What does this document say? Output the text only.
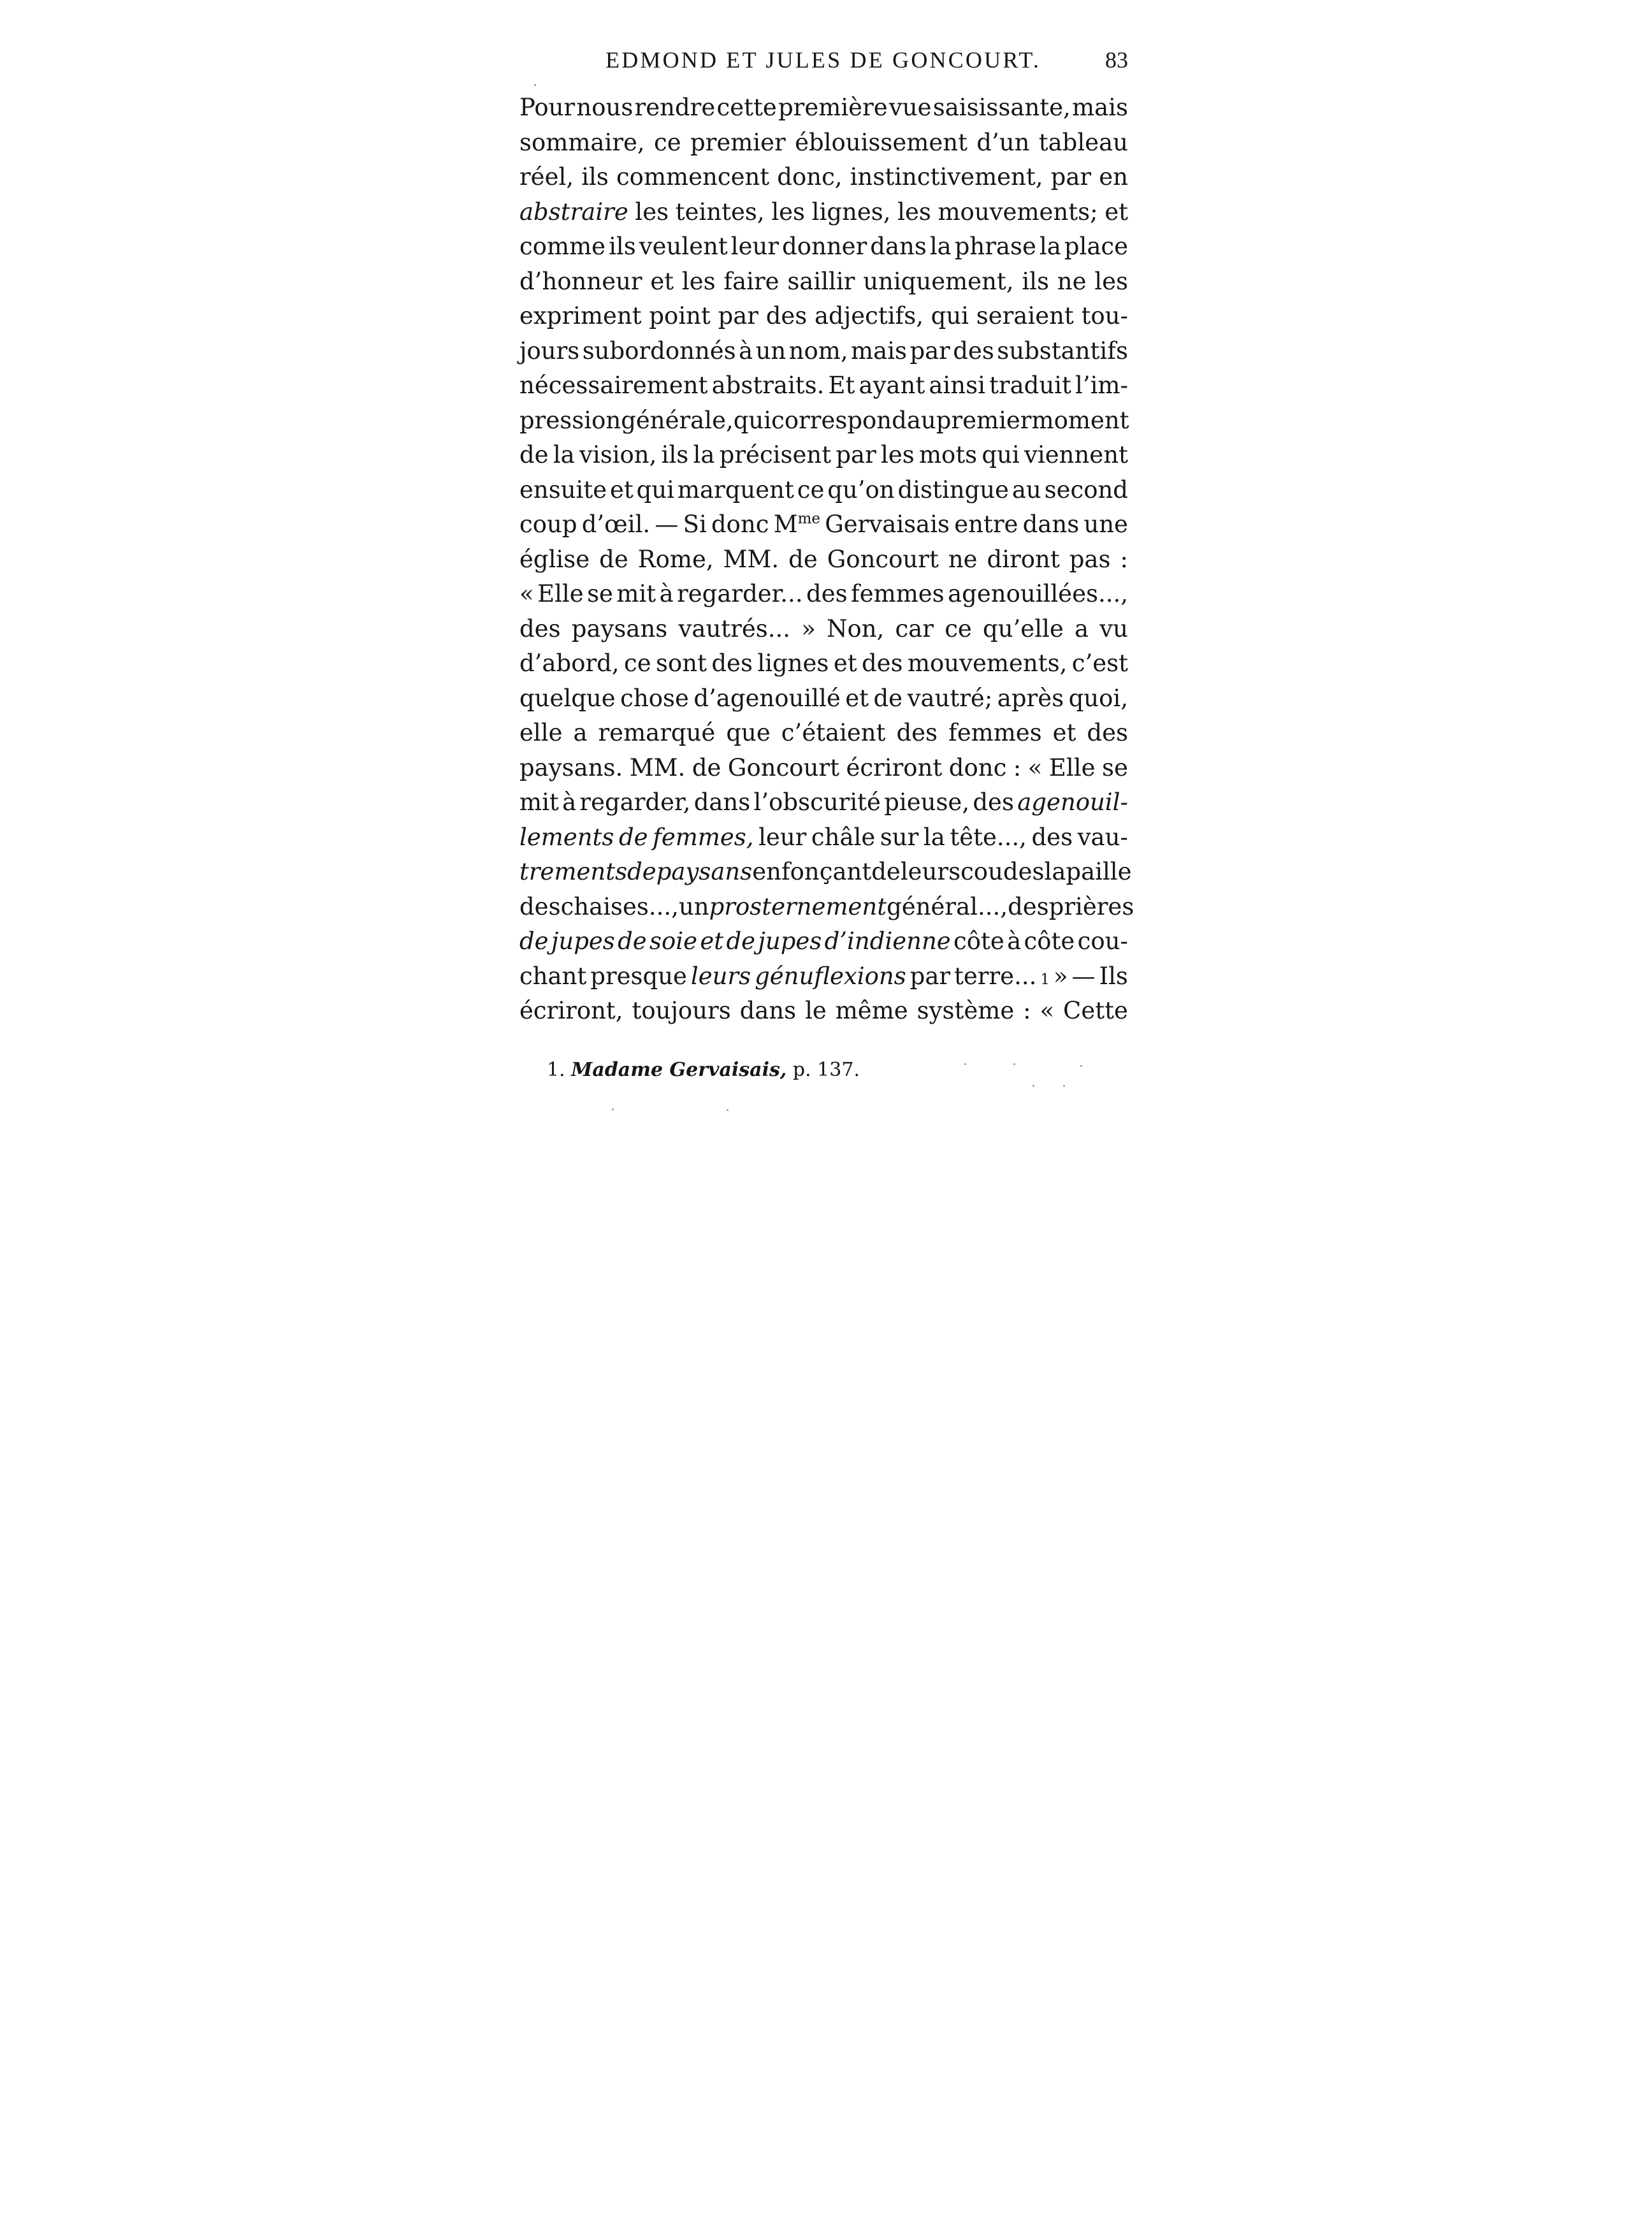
EDMOND ET JULES DE GONCOURT.	83
Pour nous rendre cette première vue saisissante, mais
sommaire, ce premier éblouissement d’un tableau
réel, ils commencent donc, instinctivement, par en
abstraire les teintes, les lignes, les mouvements; et
comme ils veulent leur donner dans la phrase la place
d’honneur et les faire saillir uniquement, ils ne les
expriment point par des adjectifs, qui seraient tou-
jours subordonnés à un nom, mais par des substantifs
nécessairement abstraits. Et ayant ainsi traduit l’im-
pression générale, qui correspond au premier moment
de la vision, ils la précisent par les mots qui viennent
ensuite et qui marquent ce qu’on distingue au second
coup d’œil. — Si donc Mme Gervaisais entre dans une
église de Rome, MM. de Goncourt ne diront pas :
« Elle se mit à regarder... des femmes agenouillées...,
des paysans vautrés... » Non, car ce qu’elle a vu
d’abord, ce sont des lignes et des mouvements, c’est
quelque chose d’agenouillé et de vautré; après quoi,
elle a remarqué que c’étaient des femmes et des
paysans. MM. de Goncourt écriront donc : « Elle se
mit à regarder, dans l’obscurité pieuse, des agenouil-
lements de femmes, leur châle sur la tête..., des vau-
trements de paysans enfonçant de leurs coudes la paille
des chaises..., un prosternement général..., des prières
de jupes de soie et de jupes d’indienne côte à côte cou-
chant presque leurs génuflexions par terre... 1 » — Ils
écriront, toujours dans le même système : « Cette
1. Madame Gervaisais, p. 137.
